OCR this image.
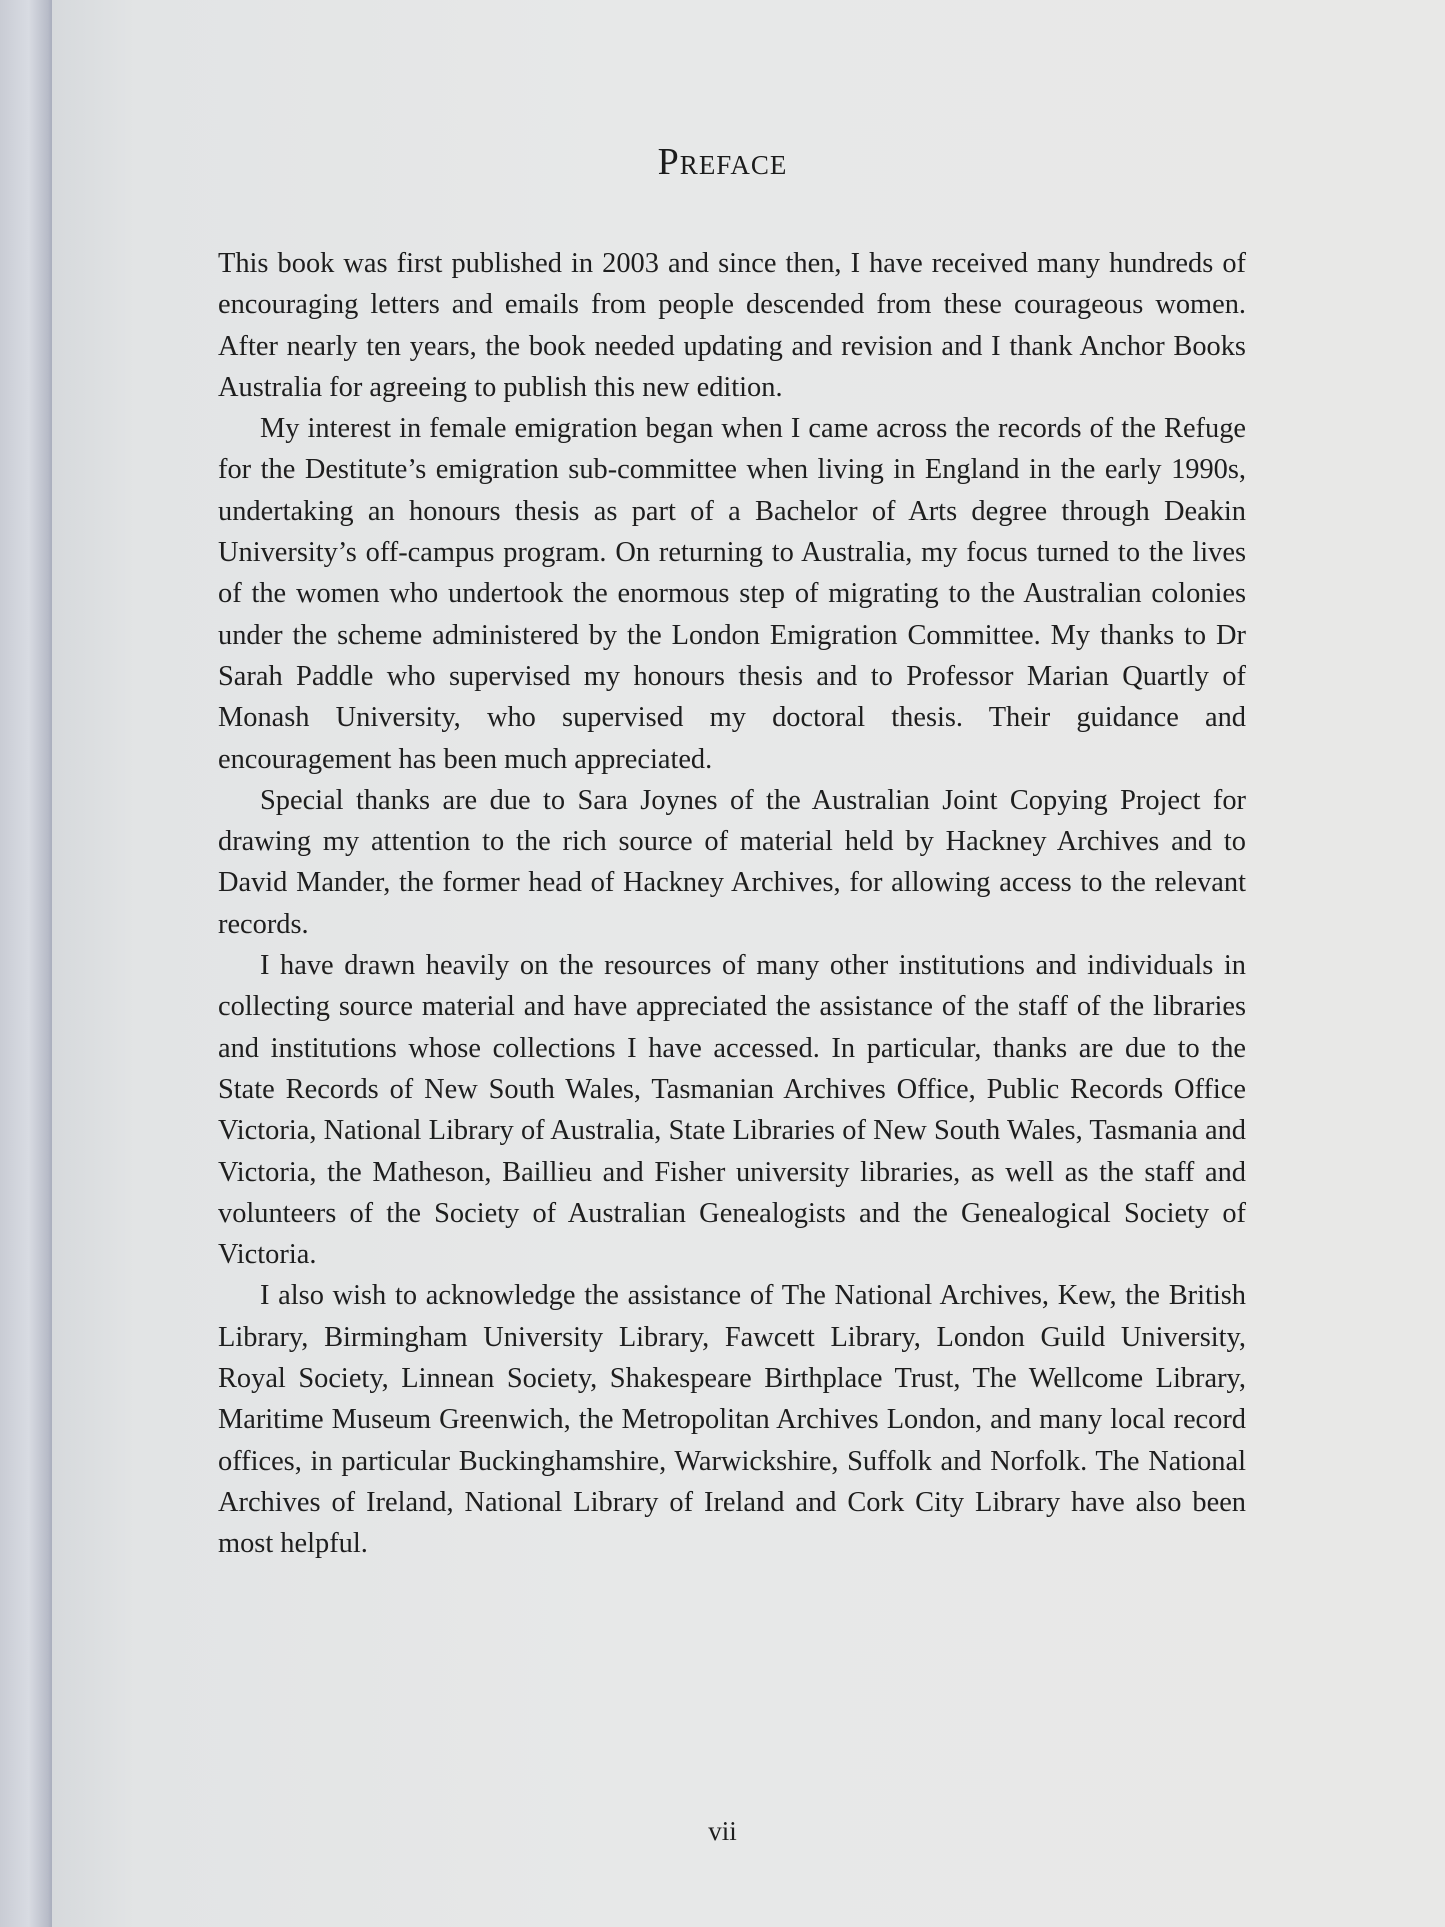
Preface

This book was first published in 2003 and since then, I have received many hundreds of encouraging letters and emails from people descended from these courageous women. After nearly ten years, the book needed updating and revision and I thank Anchor Books Australia for agreeing to publish this new edition.

My interest in female emigration began when I came across the records of the Refuge for the Destitute’s emigration sub-committee when living in England in the early 1990s, undertaking an honours thesis as part of a Bachelor of Arts degree through Deakin University’s off-campus program. On returning to Australia, my focus turned to the lives of the women who undertook the enormous step of migrating to the Australian colonies under the scheme administered by the London Emigration Committee. My thanks to Dr Sarah Paddle who supervised my honours thesis and to Professor Marian Quartly of Monash University, who supervised my doctoral thesis. Their guidance and encouragement has been much appreciated.

Special thanks are due to Sara Joynes of the Australian Joint Copying Project for drawing my attention to the rich source of material held by Hackney Archives and to David Mander, the former head of Hackney Archives, for allowing access to the relevant records.

I have drawn heavily on the resources of many other institutions and individuals in collecting source material and have appreciated the assistance of the staff of the libraries and institutions whose collections I have accessed. In particular, thanks are due to the State Records of New South Wales, Tasmanian Archives Office, Public Records Office Victoria, National Library of Australia, State Libraries of New South Wales, Tasmania and Victoria, the Matheson, Baillieu and Fisher university libraries, as well as the staff and volunteers of the Society of Australian Genealogists and the Genealogical Society of Victoria.

I also wish to acknowledge the assistance of The National Archives, Kew, the British Library, Birmingham University Library, Fawcett Library, London Guild University, Royal Society, Linnean Society, Shakespeare Birthplace Trust, The Wellcome Library, Maritime Museum Greenwich, the Metropolitan Archives London, and many local record offices, in particular Buckinghamshire, Warwickshire, Suffolk and Norfolk. The National Archives of Ireland, National Library of Ireland and Cork City Library have also been most helpful.

vii
